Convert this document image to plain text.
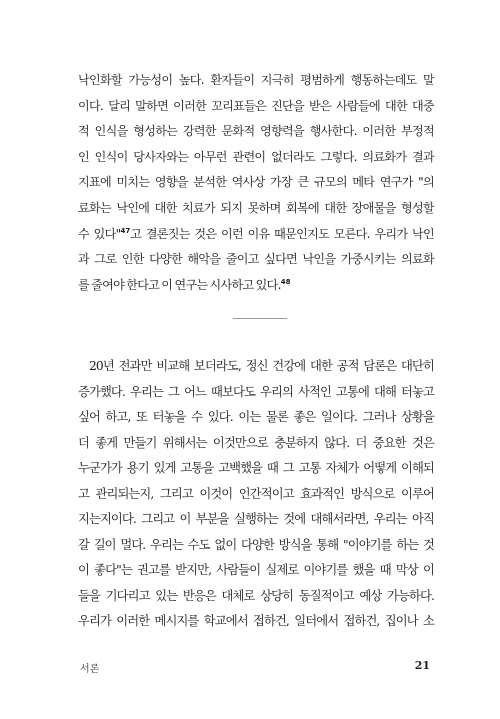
낙인화할 가능성이 높다. 환자들이 지극히 평범하게 행동하는데도 말
이다. 달리 말하면 이러한 꼬리표들은 진단을 받은 사람들에 대한 대중
적 인식을 형성하는 강력한 문화적 영향력을 행사한다. 이러한 부정적
인 인식이 당사자와는 아무런 관련이 없더라도 그렇다. 의료화가 결과
지표에 미치는 영향을 분석한 역사상 가장 큰 규모의 메타 연구가 "의
료화는 낙인에 대한 치료가 되지 못하며 회복에 대한 장애물을 형성할
수 있다"$^{47}$고 결론짓는 것은 이런 이유 때문인지도 모른다. 우리가 낙인
과 그로 인한 다양한 해악을 줄이고 싶다면 낙인을 가중시키는 의료화
를 줄여야 한다고 이 연구는 시사하고 있다.$^{48}$
20년 전과만 비교해 보더라도, 정신 건강에 대한 공적 담론은 대단히
증가했다. 우리는 그 어느 때보다도 우리의 사적인 고통에 대해 터놓고
싶어 하고, 또 터놓을 수 있다. 이는 물론 좋은 일이다. 그러나 상황을
더 좋게 만들기 위해서는 이것만으로 충분하지 않다. 더 중요한 것은
누군가가 용기 있게 고통을 고백했을 때 그 고통 자체가 어떻게 이해되
고 관리되는지, 그리고 이것이 인간적이고 효과적인 방식으로 이루어
지는지이다. 그리고 이 부분을 실행하는 것에 대해서라면, 우리는 아직
갈 길이 멀다. 우리는 수도 없이 다양한 방식을 통해 "이야기를 하는 것
이 좋다"는 권고를 받지만, 사람들이 실제로 이야기를 했을 때 막상 이
들을 기다리고 있는 반응은 대체로 상당히 동질적이고 예상 가능하다.
우리가 이러한 메시지를 학교에서 접하건, 일터에서 접하건, 집이나 소
서론	21
